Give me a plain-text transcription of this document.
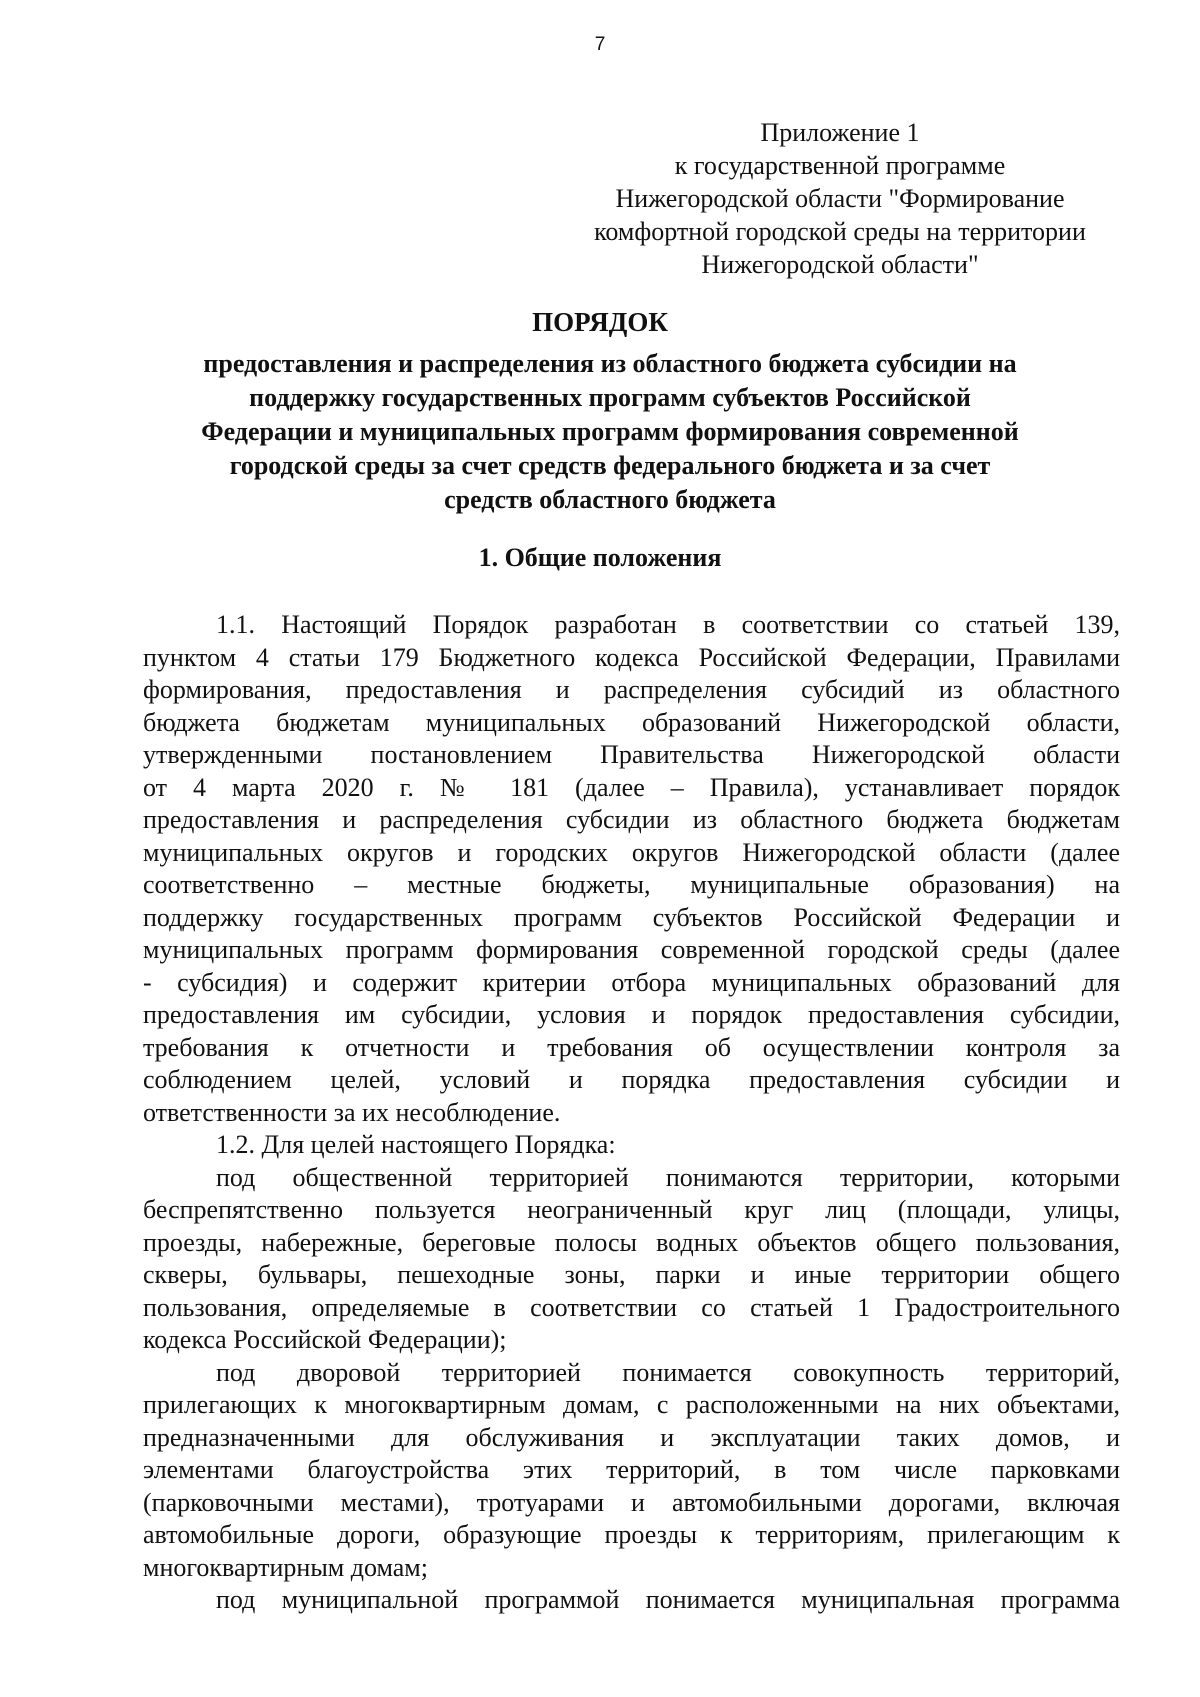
7
Приложение 1
к государственной программе
Нижегородской области "Формирование
комфортной городской среды на территории
Нижегородской области"
ПОРЯДОК
предоставления и распределения из областного бюджета субсидии на
поддержку государственных программ субъектов Российской
Федерации и муниципальных программ формирования современной
городской среды за счет средств федерального бюджета и за счет
средств областного бюджета
1. Общие положения
1.1. Настоящий Порядок разработан в соответствии со статьей 139,
пунктом 4 статьи 179 Бюджетного кодекса Российской Федерации, Правилами
формирования, предоставления и распределения субсидий из областного
бюджета бюджетам муниципальных образований Нижегородской области,
утвержденными постановлением Правительства Нижегородской области
от 4 марта 2020 г. № 181 (далее – Правила), устанавливает порядок
предоставления и распределения субсидии из областного бюджета бюджетам
муниципальных округов и городских округов Нижегородской области (далее
соответственно – местные бюджеты, муниципальные образования) на
поддержку государственных программ субъектов Российской Федерации и
муниципальных программ формирования современной городской среды (далее
- субсидия) и содержит критерии отбора муниципальных образований для
предоставления им субсидии, условия и порядок предоставления субсидии,
требования к отчетности и требования об осуществлении контроля за
соблюдением целей, условий и порядка предоставления субсидии и
ответственности за их несоблюдение.
1.2. Для целей настоящего Порядка:
под общественной территорией понимаются территории, которыми
беспрепятственно пользуется неограниченный круг лиц (площади, улицы,
проезды, набережные, береговые полосы водных объектов общего пользования,
скверы, бульвары, пешеходные зоны, парки и иные территории общего
пользования, определяемые в соответствии со статьей 1 Градостроительного
кодекса Российской Федерации);
под дворовой территорией понимается совокупность территорий,
прилегающих к многоквартирным домам, с расположенными на них объектами,
предназначенными для обслуживания и эксплуатации таких домов, и
элементами благоустройства этих территорий, в том числе парковками
(парковочными местами), тротуарами и автомобильными дорогами, включая
автомобильные дороги, образующие проезды к территориям, прилегающим к
многоквартирным домам;
под муниципальной программой понимается муниципальная программа
